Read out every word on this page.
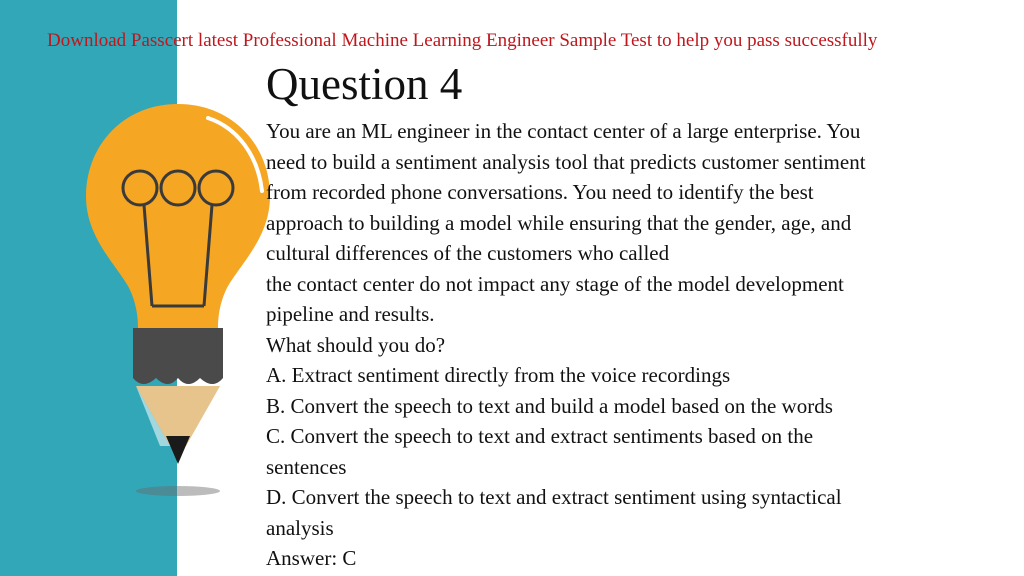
Download Passcert latest Professional Machine Learning Engineer Sample Test to help you pass successfully
Question 4

You are an ML engineer in the contact center of a large enterprise. You

need to build a sentiment analysis tool that predicts customer sentiment

from recorded phone conversations. You need to identify the best

approach to building a model while ensuring that the gender, age, and

cultural differences of the customers who called

the contact center do not impact any stage of the model development

pipeline and results.

What should you do?

A. Extract sentiment directly from the voice recordings

B. Convert the speech to text and build a model based on the words

C. Convert the speech to text and extract sentiments based on the

sentences

D. Convert the speech to text and extract sentiment using syntactical

analysis

Answer: C
